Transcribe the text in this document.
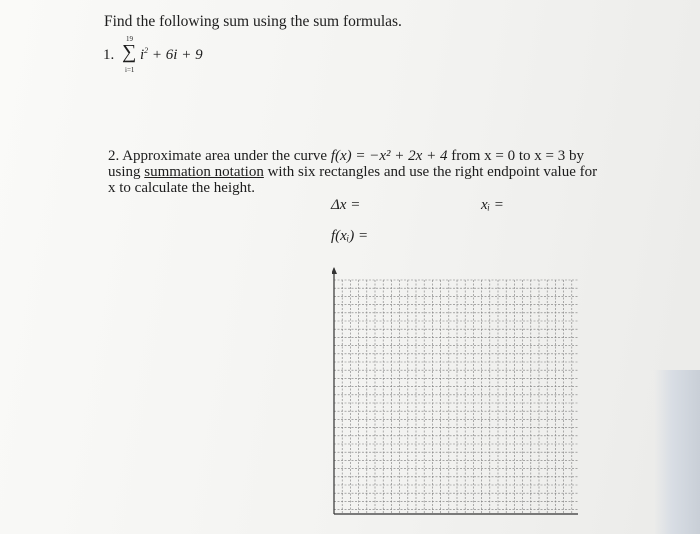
Find the following sum using the sum formulas.
1.
19
∑
i=1
$i^2 + 6i + 9$
2. Approximate area under the curve f(x) = −x² + 2x + 4 from x = 0 to x = 3 by
using summation notation with six rectangles and use the right endpoint value for
x to calculate the height.
Δx =	xᵢ =
f(xᵢ) =
